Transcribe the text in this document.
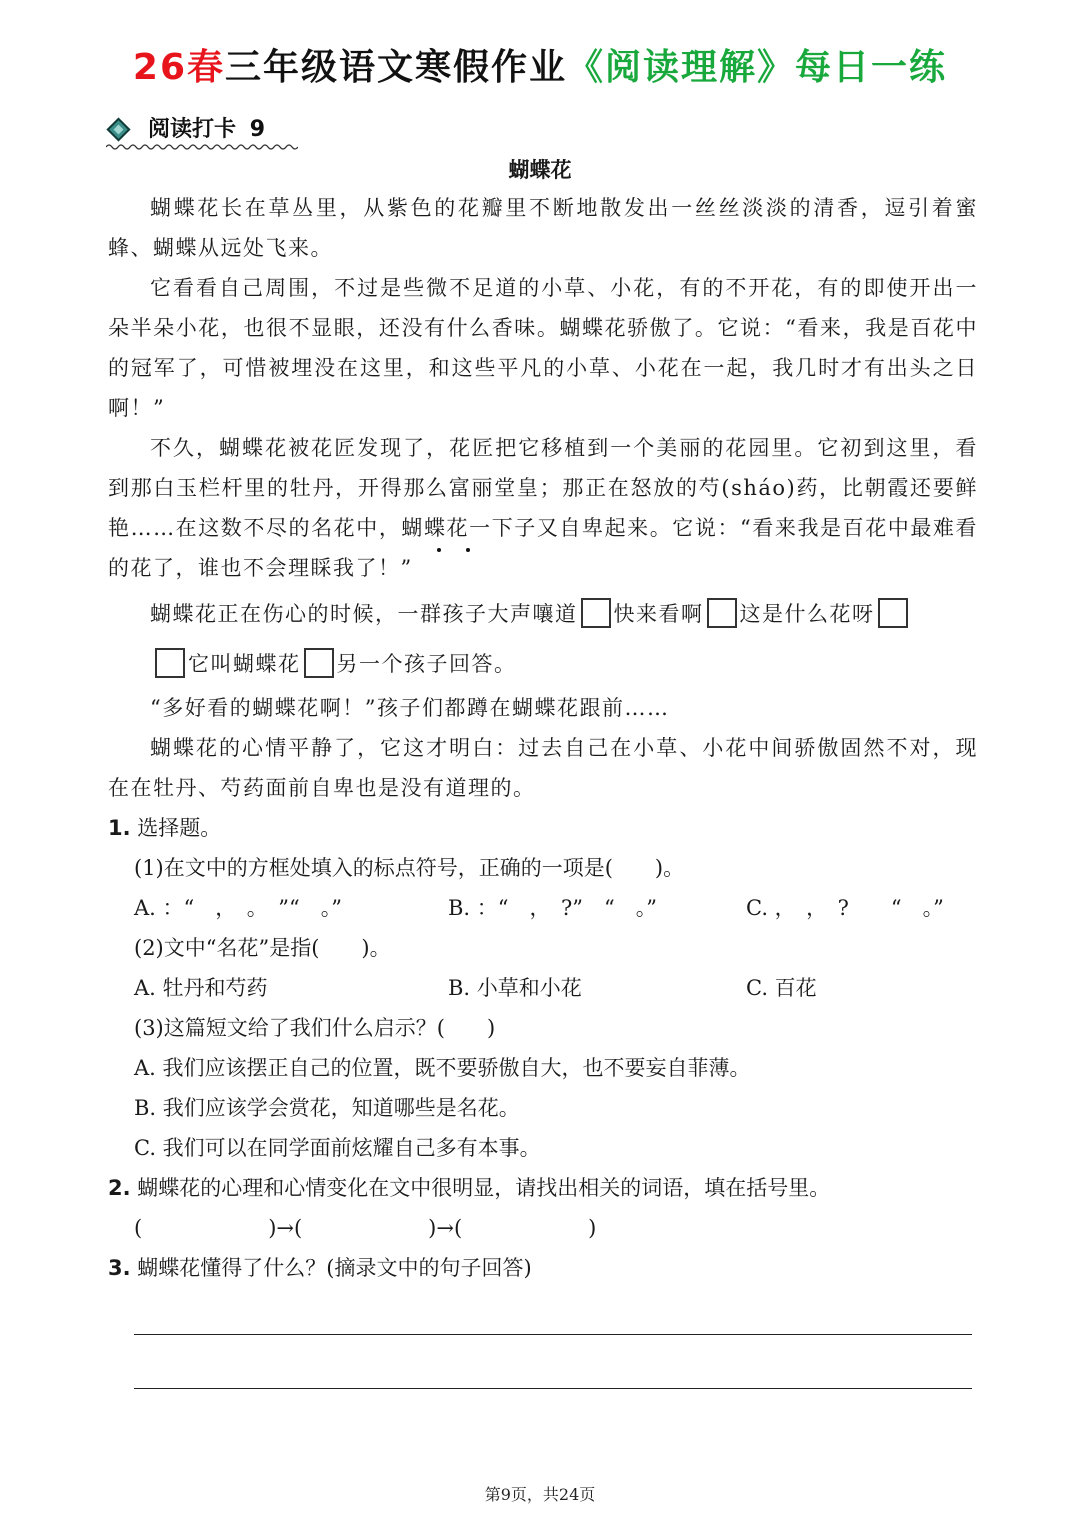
26春三年级语文寒假作业《阅读理解》每日一练
阅读打卡 9
蝴蝶花

蝴蝶花长在草丛里，从紫色的花瓣里不断地散发出一丝丝淡淡的清香，逗引着蜜蜂、蝴蝶从远处飞来。

它看看自己周围，不过是些微不足道的小草、小花，有的不开花，有的即使开出一朵半朵小花，也很不显眼，还没有什么香味。蝴蝶花骄傲了。它说：“看来，我是百花中的冠军了，可惜被埋没在这里，和这些平凡的小草、小花在一起，我几时才有出头之日啊！”

不久，蝴蝶花被花匠发现了，花匠把它移植到一个美丽的花园里。它初到这里，看到那白玉栏杆里的牡丹，开得那么富丽堂皇；那正在怒放的芍(sháo)药，比朝霞还要鲜艳……在这数不尽的名花中，蝴蝶花一下子又自卑起来。它说：“看来我是百花中最难看的花了，谁也不会理睬我了！”

蝴蝶花正在伤心的时候，一群孩子大声嚷道 快来看啊 这是什么花呀

它叫蝴蝶花 另一个孩子回答。

“多好看的蝴蝶花啊！”孩子们都蹲在蝴蝶花跟前……

蝴蝶花的心情平静了，它这才明白：过去自己在小草、小花中间骄傲固然不对，现在在牡丹、芍药面前自卑也是没有道理的。

1. 选择题。
(1)在文中的方框处填入的标点符号，正确的一项是(　　)。
A. ：“　，　。　”“　。”	B. ：“　，　?”　“　。”	C. ，　，　?　　“　。”
(2)文中“名花”是指(　　)。
A. 牡丹和芍药	B. 小草和小花	C. 百花
(3)这篇短文给了我们什么启示？(　　)
A. 我们应该摆正自己的位置，既不要骄傲自大，也不要妄自菲薄。
B. 我们应该学会赏花，知道哪些是名花。
C. 我们可以在同学面前炫耀自己多有本事。
2. 蝴蝶花的心理和心情变化在文中很明显，请找出相关的词语，填在括号里。
(　　　　　　)→(　　　　　　)→(　　　　　　)
3. 蝴蝶花懂得了什么？(摘录文中的句子回答)
第9页，共24页
